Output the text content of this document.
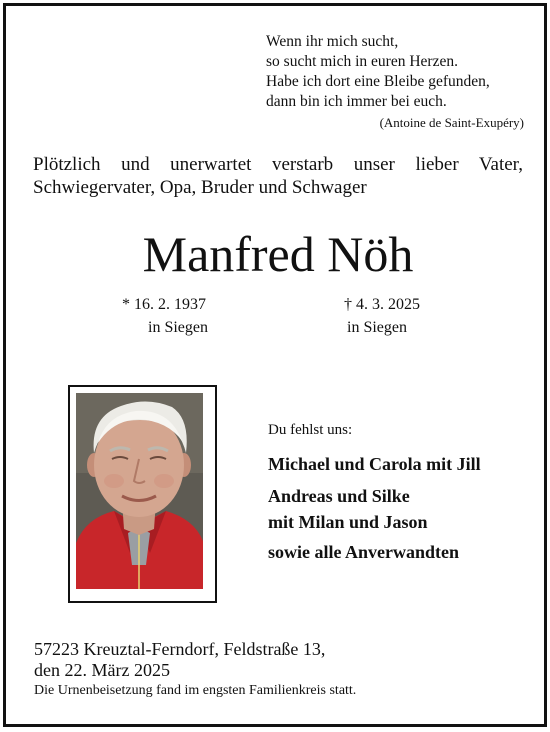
Wenn ihr mich sucht,
so sucht mich in euren Herzen.
Habe ich dort eine Bleibe gefunden,
dann bin ich immer bei euch.
(Antoine de Saint-Exupéry)
Plötzlich und unerwartet verstarb unser lieber Vater,
Schwiegervater, Opa, Bruder und Schwager
Manfred Nöh
* 16. 2. 1937
in Siegen
† 4. 3. 2025
in Siegen
Du fehlst uns:
Michael und Carola mit Jill
Andreas und Silke
mit Milan und Jason
sowie alle Anverwandten
57223 Kreuztal-Ferndorf, Feldstraße 13,
den 22. März 2025
Die Urnenbeisetzung fand im engsten Familienkreis statt.
